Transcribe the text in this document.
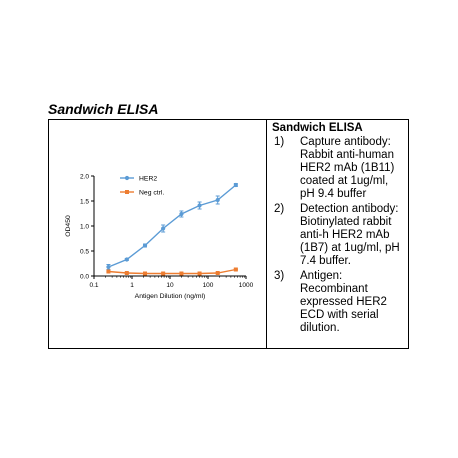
Sandwich ELISA
0.0
0.5
1.0
1.5
2.0
0.1	1	10	100	1000
Antigen Dilution (ng/ml)
OD450
HER2
Neg ctrl.
Sandwich ELISA
1)	Capture antibody: Rabbit anti-human HER2 mAb (1B11) coated at 1ug/ml, pH 9.4 buffer
2)	Detection antibody: Biotinylated rabbit anti-h HER2 mAb (1B7) at 1ug/ml, pH 7.4 buffer.
3)	Antigen: Recombinant expressed HER2 ECD with serial dilution.
